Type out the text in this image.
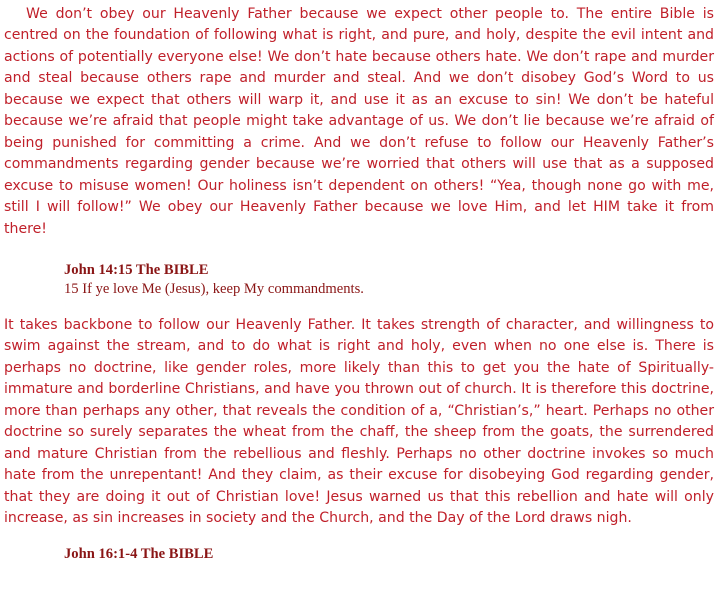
We don’t obey our Heavenly Father because we expect other people to. The entire Bible is centred on the foundation of following what is right, and pure, and holy, despite the evil intent and actions of potentially everyone else! We don’t hate because others hate. We don’t rape and murder and steal because others rape and murder and steal. And we don’t disobey God’s Word to us because we expect that others will warp it, and use it as an excuse to sin! We don’t be hateful because we’re afraid that people might take advantage of us. We don’t lie because we’re afraid of being punished for committing a crime. And we don’t refuse to follow our Heavenly Father’s commandments regarding gender because we’re worried that others will use that as a supposed excuse to misuse women! Our holiness isn’t dependent on others! “Yea, though none go with me, still I will follow!” We obey our Heavenly Father because we love Him, and let HIM take it from there!

John 14:15 The BIBLE

15 If ye love Me (Jesus), keep My commandments.

It takes backbone to follow our Heavenly Father. It takes strength of character, and willingness to swim against the stream, and to do what is right and holy, even when no one else is. There is perhaps no doctrine, like gender roles, more likely than this to get you the hate of Spiritually-immature and borderline Christians, and have you thrown out of church. It is therefore this doctrine, more than perhaps any other, that reveals the condition of a, “Christian’s,” heart. Perhaps no other doctrine so surely separates the wheat from the chaff, the sheep from the goats, the surrendered and mature Christian from the rebellious and fleshly. Perhaps no other doctrine invokes so much hate from the unrepentant! And they claim, as their excuse for disobeying God regarding gender, that they are doing it out of Christian love! Jesus warned us that this rebellion and hate will only increase, as sin increases in society and the Church, and the Day of the Lord draws nigh.

John 16:1-4 The BIBLE
